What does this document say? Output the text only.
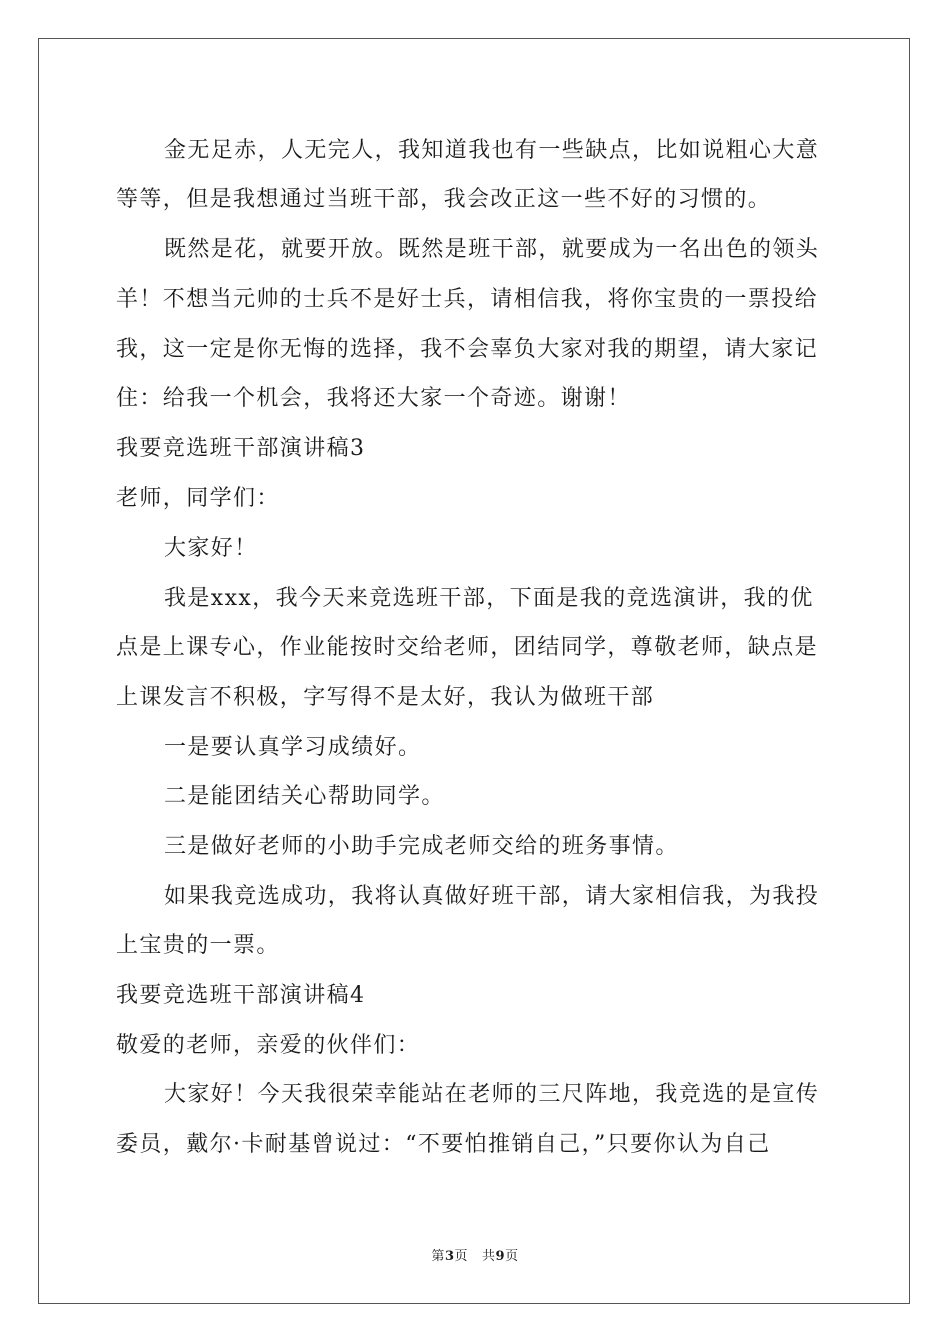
金无足赤，人无完人，我知道我也有一些缺点，比如说粗心大意
等等，但是我想通过当班干部，我会改正这一些不好的习惯的。
既然是花，就要开放。既然是班干部，就要成为一名出色的领头
羊！不想当元帅的士兵不是好士兵，请相信我，将你宝贵的一票投给
我，这一定是你无悔的选择，我不会辜负大家对我的期望，请大家记
住：给我一个机会，我将还大家一个奇迹。谢谢！
我要竞选班干部演讲稿3
老师，同学们：
大家好！
我是xxx，我今天来竞选班干部，下面是我的竞选演讲，我的优
点是上课专心，作业能按时交给老师，团结同学，尊敬老师，缺点是
上课发言不积极，字写得不是太好，我认为做班干部
一是要认真学习成绩好。
二是能团结关心帮助同学。
三是做好老师的小助手完成老师交给的班务事情。
如果我竞选成功，我将认真做好班干部，请大家相信我，为我投
上宝贵的一票。
我要竞选班干部演讲稿4
敬爱的老师，亲爱的伙伴们：
大家好！今天我很荣幸能站在老师的三尺阵地，我竞选的是宣传
委员，戴尔·卡耐基曾说过：“不要怕推销自己，”只要你认为自己
第3页 共9页
